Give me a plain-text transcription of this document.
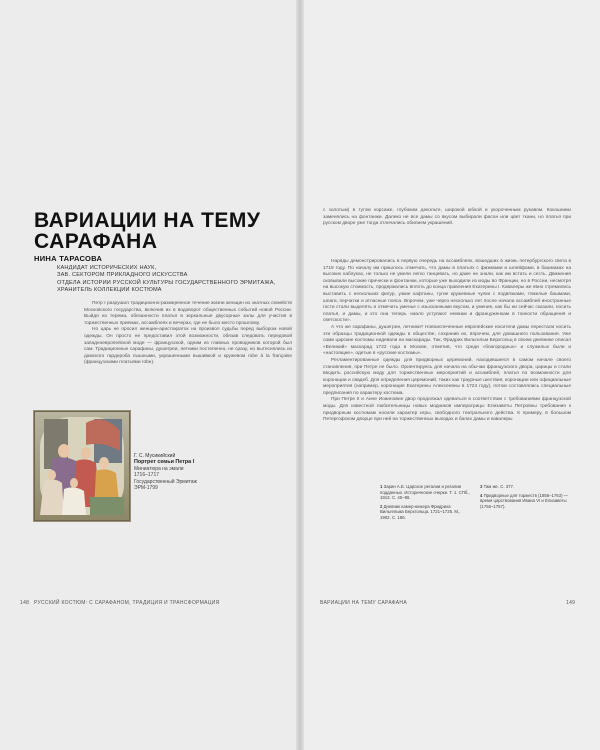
ВАРИАЦИИ НА ТЕМУ САРАФАНА
НИНА ТАРАСОВА
КАНДИДАТ ИСТОРИЧЕСКИХ НАУК,
ЗАВ. СЕКТОРОМ ПРИКЛАДНОГО ИСКУССТВА
ОТДЕЛА ИСТОРИИ РУССКОЙ КУЛЬТУРЫ ГОСУДАРСТВЕННОГО ЭРМИТАЖА,
ХРАНИТЕЛЬ КОЛЛЕКЦИИ КОСТЮМА

Петр I разрушил традиционно-размеренное течение жизни женщин из знатных семейств Московского государства, включив их в водоворот общественных событий новой России. Выйдя из терема, обязанности платья в зеркальные двусорные залы для участия в торжественных приемах, ассамблеях и вечерах, где не было место прошлому.

Но царь не просил женщин-аристократок на произвол судьбы перед выбором новой одежды. Он просто не предоставил этой возможности, обязав следовать передовой западноевропейской моде — французской, одним из главных проводников которой был сам. Традиционные сарафаны, душегреи, летники постепенно, не сразу, но вытеснялись из дамского гардероба пышными, украшенными вышивкой и кружевом robe à la française (французскими платьями robe).

Г. С. Мусикийский
Портрет семьи Петра I
Миниатюра на эмали
1716–1717
Государственный Эрмитаж
ЭРМ-1799
148 РУССКИЙ КОСТЮМ: С САРАФАНОМ, ТРАДИЦИЯ И ТРАНСФОРМАЦИЯ

с золотым) в тугом корсаже, глубоким декольте, широкой юбкой и укороченным рукавом. Кокошники заменялись на фонтанжи. Далеко не все дамы со вкусом выбирали фасон или цвет ткани, но платья при русском дворе уже тогда отличались обилием украшений.

Наряды демонстрировались в первую очередь на ассамблеях, вошедших в жизнь петербургского света в 1718 году. По началу им пришлось отмечать, что дамы в платьях с фижмами и шлейфами, в башмаках на высоких каблуках, не только не умели легко танцевать, но даже не знали, как им встать и сесть. Движения сковывали высокие прически и фонтанжи, которые уже выходили из моды во Франции, но в России, несмотря на высокую стоимость, продержались вплоть до конца правления Екатерины I. Кавалеры же явно стремились выставить с нескольких фигур, узкие кафтаны, тугие кружевные чулки с подвязками, тяжелые башмаки, шпаги, перчатки и атласные пояса. Впрочем, уже через несколько лет после начала ассамблей иностранные гости стали выделять и отмечать уменье с изысканными вкусом, и умение, как бы ни сейчас сказали, носить платья, и дамы, и кто она теперь «мало уступают немкам и француженкам в тонкости обращения и светскости».

А что же сарафаны, душегреи, летники? Новоиспеченные европейские носители дамы перестали носить эти образцы традиционной одежды в обществе, сохранив их, впрочем, для домашнего пользования. Уже сами царские костюмы надевали на маскарады. Так, Фридрих Вильгельм Берхгольц в своем дневнике описал «Великий» маскарад 1722 года в Москве, отметив, что среди «благородных» и служилых были и «настоящие», одетые в «русские костюмы».

Регламентированные одежды для придворных церемоний, находившиеся в самом начале своего становления, при Петре не было. Ориентируясь для начала на обычаи французского двора, царицы и стали вводить российскую моду для торжественных мероприятий и ассамблей, платья по возможности для коронации и свадеб. Для определения церемоний, таких как траурные шествия, коронации или официальные мероприятия (например, коронация Екатерины Алексеевны в 1724 году), потом составлялись специальные предписания по характеру костюма.

При Петре II и Анне Иоанновне двор продолжал одеваться в соответствии с требованиями французской моды. Для известной любительницы новых модников императрицы Елизаветы Петровны требования к придворным костюмам носили характер игры, свободного театрального действа. К примеру, в большом Петергофском дворце при ней на торжественных выходах и балах дамы и кавалеры

1 Зарин А.Е. Царское регалии и регалии подданных. Исторические очерки. Т. 1. СПб., 1913. С. 45–86.
2 Дневник камер-юнкера Фридриха Вильгельма Берхгольца. 1721–1725. М., 1902. С. 186.
3 Там же. С. 377.
4 Придворные для торжеств (1856–1763) — время царствования Ивана VI и Елизаветы (1756–1757).
ВАРИАЦИИ НА ТЕМУ САРАФАНА	149
